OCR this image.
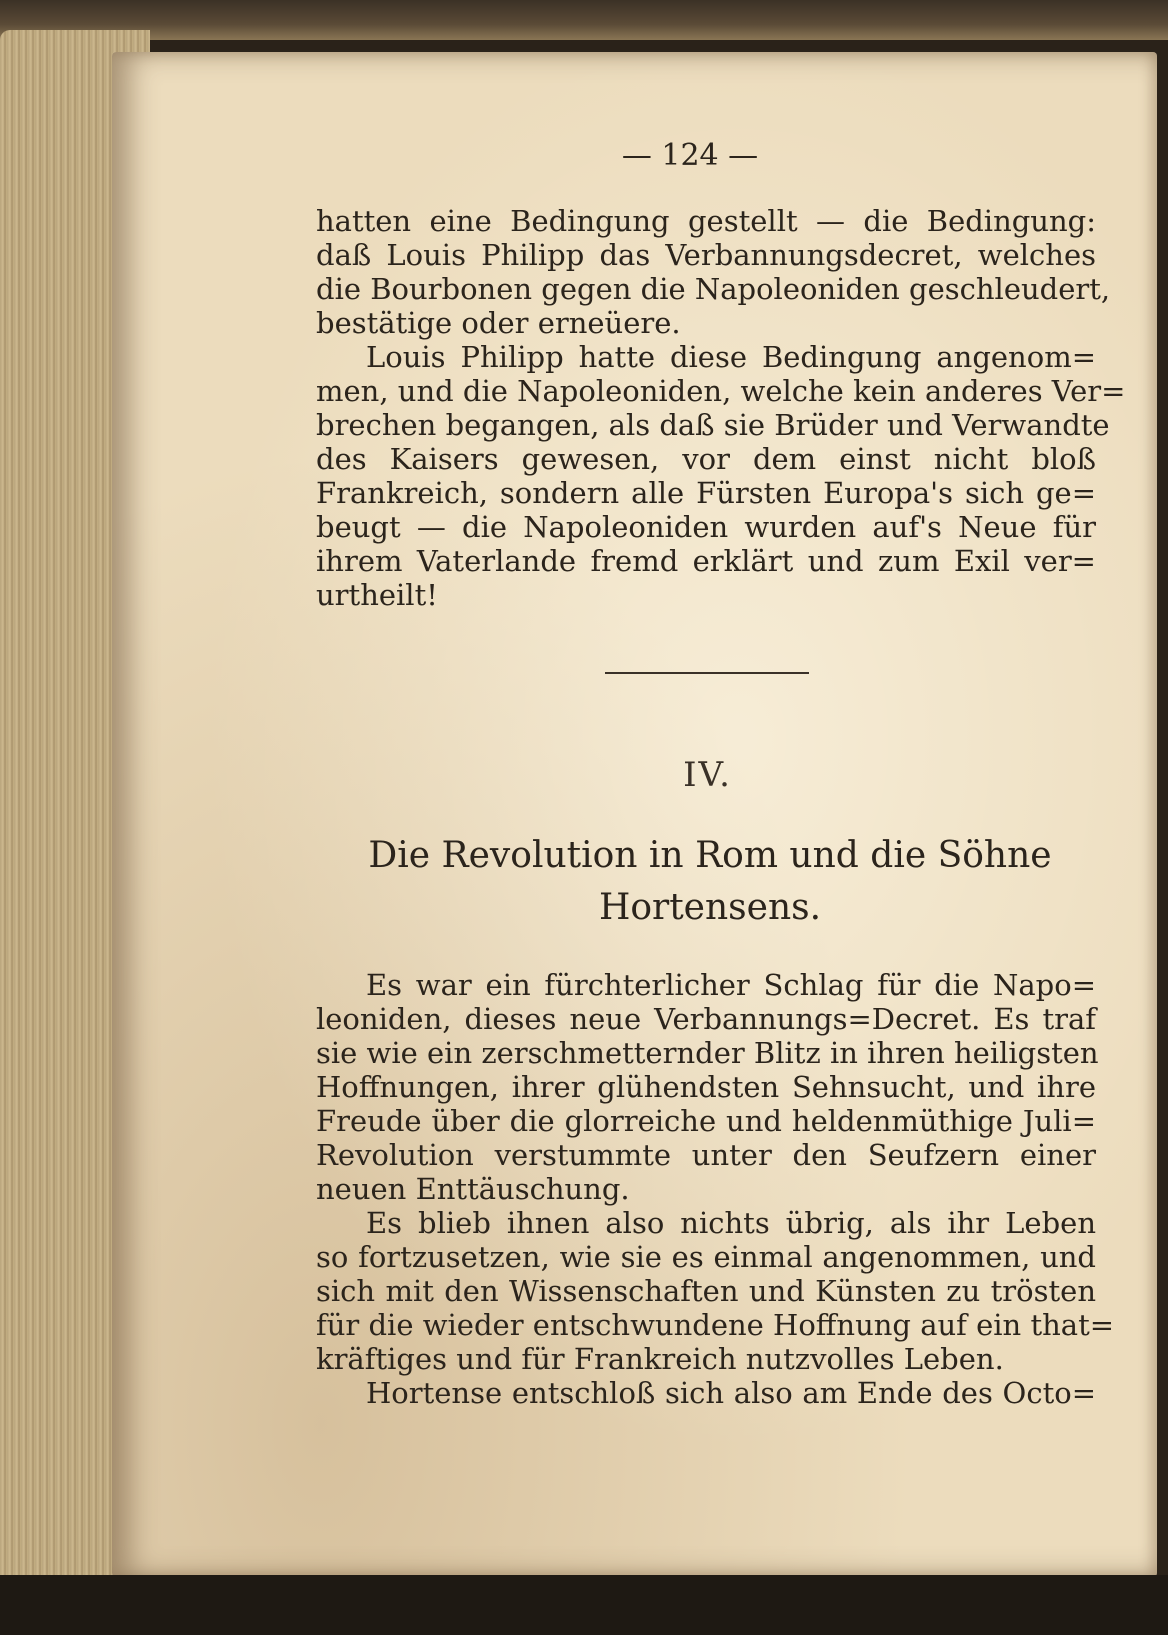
— 124 —
hatten eine Bedingung gestellt — die Bedingung:
daß Louis Philipp das Verbannungsdecret, welches
die Bourbonen gegen die Napoleoniden geschleudert,
bestätige oder erneüere.
Louis Philipp hatte diese Bedingung angenom=
men, und die Napoleoniden, welche kein anderes Ver=
brechen begangen, als daß sie Brüder und Verwandte
des Kaisers gewesen, vor dem einst nicht bloß
Frankreich, sondern alle Fürsten Europa's sich ge=
beugt — die Napoleoniden wurden auf's Neue für
ihrem Vaterlande fremd erklärt und zum Exil ver=
urtheilt!
IV.
Die Revolution in Rom und die Söhne
Hortensens.
Es war ein fürchterlicher Schlag für die Napo=
leoniden, dieses neue Verbannungs=Decret. Es traf
sie wie ein zerschmetternder Blitz in ihren heiligsten
Hoffnungen, ihrer glühendsten Sehnsucht, und ihre
Freude über die glorreiche und heldenmüthige Juli=
Revolution verstummte unter den Seufzern einer
neuen Enttäuschung.
Es blieb ihnen also nichts übrig, als ihr Leben
so fortzusetzen, wie sie es einmal angenommen, und
sich mit den Wissenschaften und Künsten zu trösten
für die wieder entschwundene Hoffnung auf ein that=
kräftiges und für Frankreich nutzvolles Leben.
Hortense entschloß sich also am Ende des Octo=
